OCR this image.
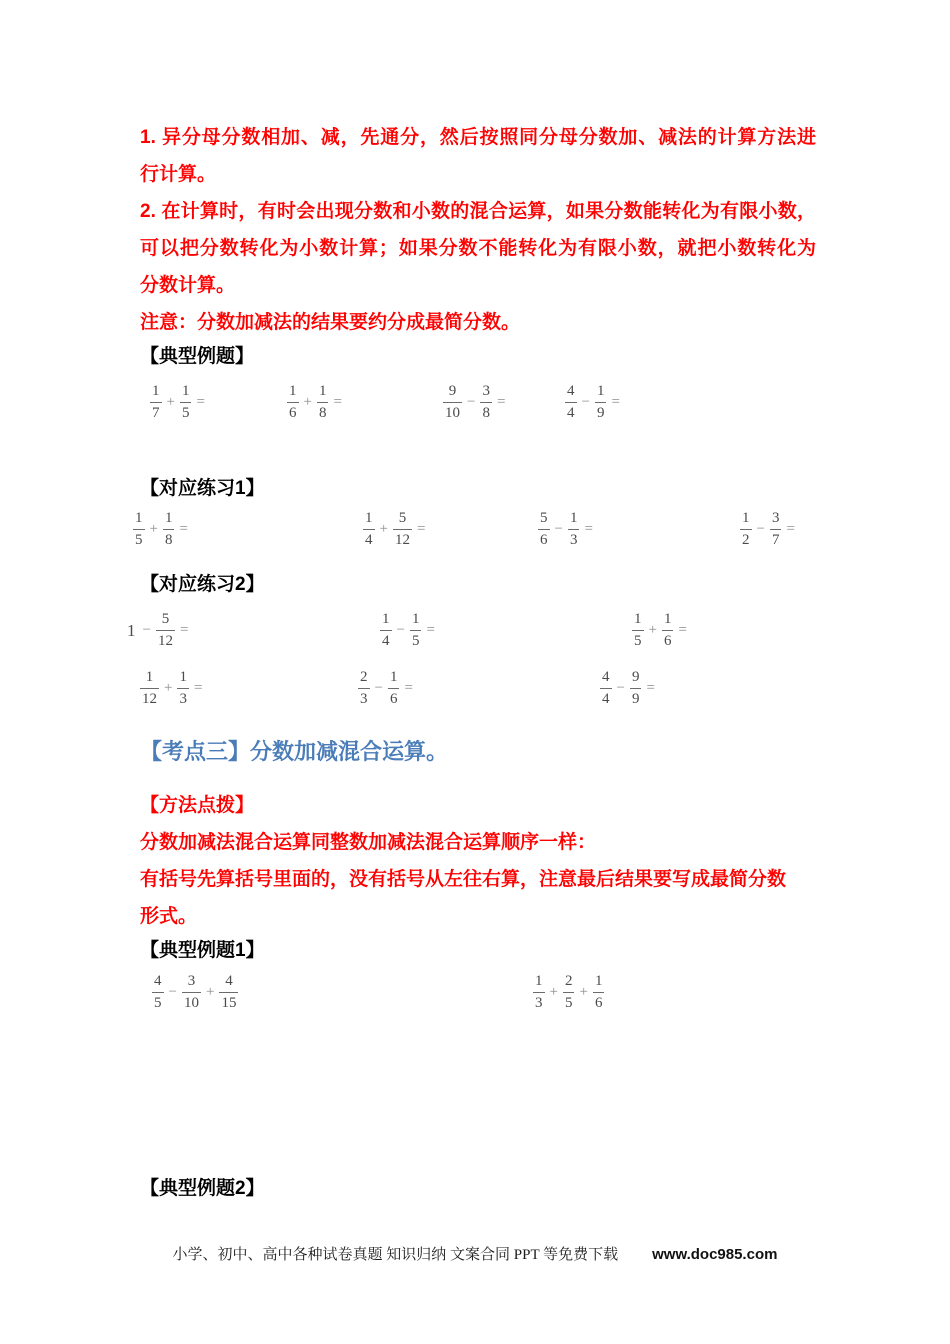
1. 异分母分数相加、减，先通分，然后按照同分母分数加、减法的计算方法进
行计算。
2. 在计算时，有时会出现分数和小数的混合运算，如果分数能转化为有限小数，
可以把分数转化为小数计算；如果分数不能转化为有限小数，就把小数转化为
分数计算。
注意：分数加减法的结果要约分成最简分数。
【典型例题】
$\frac{1}{7} + \frac{1}{5}$ =	$\frac{1}{6} + \frac{1}{8}$ =	$\frac{9}{10} - \frac{3}{8}$ =	$\frac{4}{4} - \frac{1}{9}$ =
【对应练习1】
$\frac{1}{5} + \frac{1}{8}$ =	$\frac{1}{4} + \frac{5}{12}$ =	$\frac{5}{6} - \frac{1}{3}$ =	$\frac{1}{2} - \frac{3}{7}$ =
【对应练习2】
$1 - \frac{5}{12}$ =	$\frac{1}{4} - \frac{1}{5}$ =	$\frac{1}{5} + \frac{1}{6}$ =
$\frac{1}{12} + \frac{1}{3}$ =	$\frac{2}{3} - \frac{1}{6}$ =	$\frac{4}{4} - \frac{9}{9}$ =
【考点三】分数加减混合运算。
【方法点拨】
分数加减法混合运算同整数加减法混合运算顺序一样：
有括号先算括号里面的，没有括号从左往右算，注意最后结果要写成最简分数
形式。
【典型例题1】
$\frac{4}{5} - \frac{3}{10} + \frac{4}{15}$	$\frac{1}{3} + \frac{2}{5} + \frac{1}{6}$
【典型例题2】
小学、初中、高中各种试卷真题 知识归纳 文案合同 PPT 等免费下载 www.doc985.com
